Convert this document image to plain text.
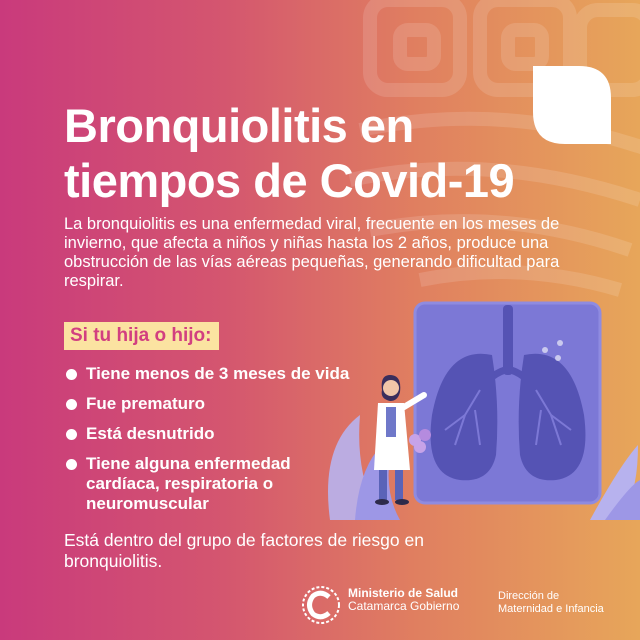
Bronquiolitis en
tiempos de Covid-19

La bronquiolitis es una enfermedad viral, frecuente en los meses de invierno, que afecta a niños y niñas hasta los 2 años, produce una obstrucción de las vías aéreas pequeñas, generando dificultad para respirar.

Si tu hija o hijo:
Tiene menos de 3 meses de vida
Fue prematuro
Está desnutrido
Tiene alguna enfermedad cardíaca, respiratoria o neuromuscular

Está dentro del grupo de factores de riesgo en bronquiolitis.

Ministerio de Salud
Catamarca Gobierno
Dirección de
Maternidad e Infancia
